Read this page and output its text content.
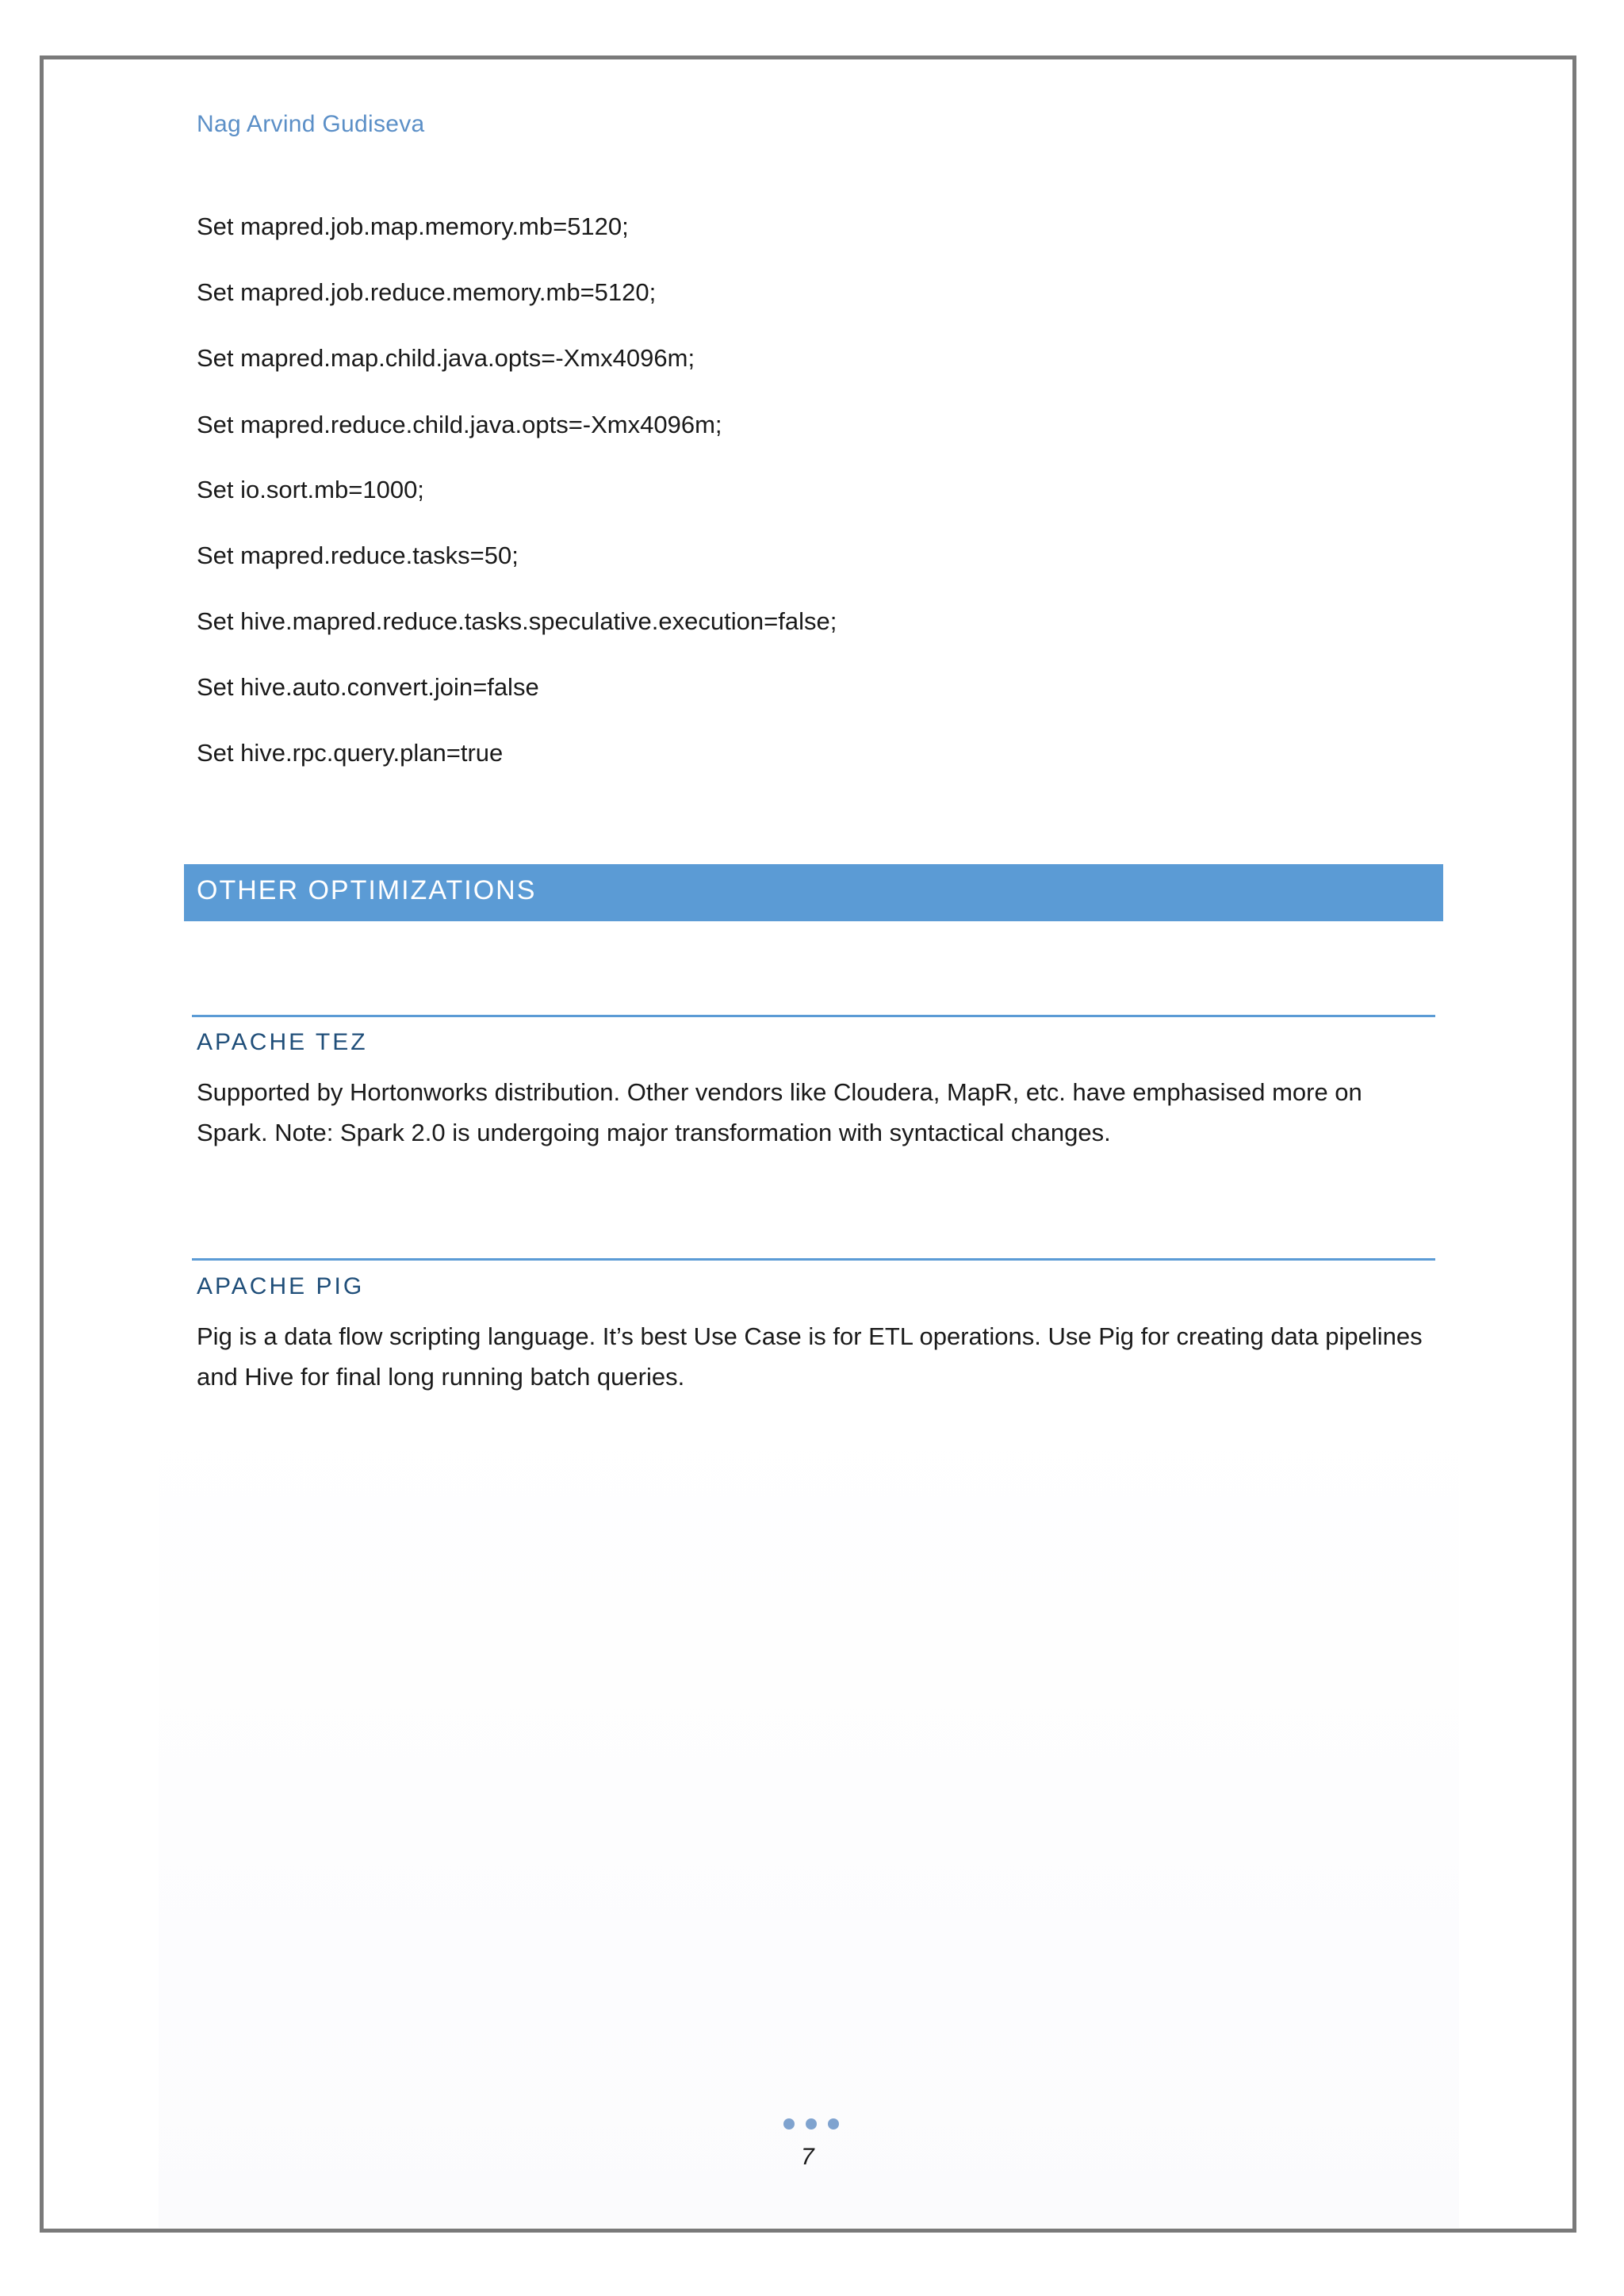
Nag Arvind Gudiseva
Set mapred.job.map.memory.mb=5120;
Set mapred.job.reduce.memory.mb=5120;
Set mapred.map.child.java.opts=-Xmx4096m;
Set mapred.reduce.child.java.opts=-Xmx4096m;
Set io.sort.mb=1000;
Set mapred.reduce.tasks=50;
Set hive.mapred.reduce.tasks.speculative.execution=false;
Set hive.auto.convert.join=false
Set hive.rpc.query.plan=true
OTHER OPTIMIZATIONS
APACHE TEZ
Supported by Hortonworks distribution. Other vendors like Cloudera, MapR, etc. have emphasised more on Spark. Note: Spark 2.0 is undergoing major transformation with syntactical changes.
APACHE PIG
Pig is a data flow scripting language. It’s best Use Case is for ETL operations. Use Pig for creating data pipelines and Hive for final long running batch queries.
7
